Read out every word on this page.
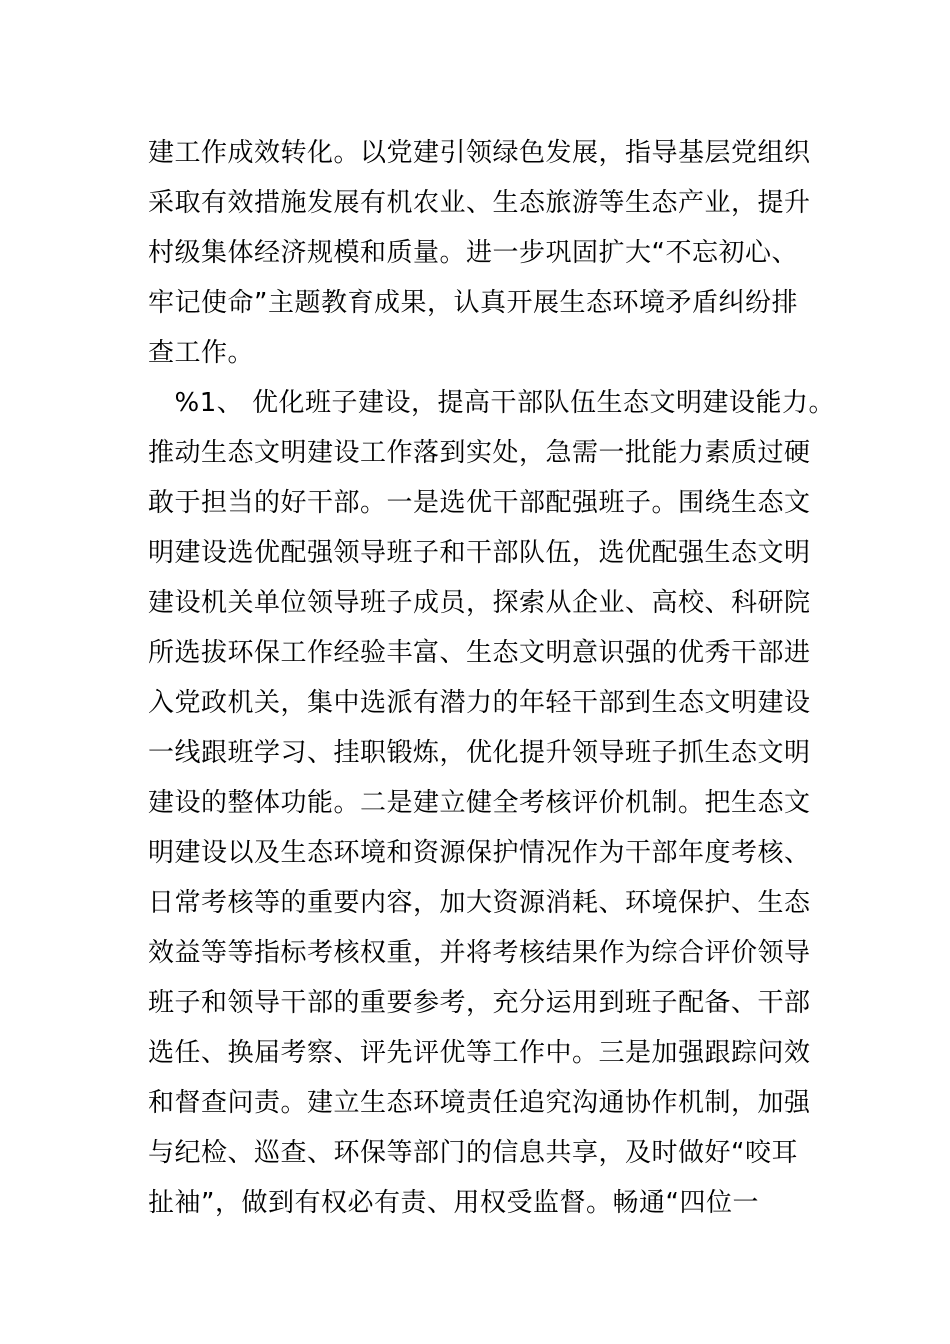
建工作成效转化。以党建引领绿色发展，指导基层党组织
采取有效措施发展有机农业、生态旅游等生态产业，提升
村级集体经济规模和质量。进一步巩固扩大“不忘初心、
牢记使命”主题教育成果，认真开展生态环境矛盾纠纷排
查工作。
　%1、 优化班子建设，提高干部队伍生态文明建设能力。
推动生态文明建设工作落到实处，急需一批能力素质过硬
敢于担当的好干部。一是选优干部配强班子。围绕生态文
明建设选优配强领导班子和干部队伍，选优配强生态文明
建设机关单位领导班子成员，探索从企业、高校、科研院
所选拔环保工作经验丰富、生态文明意识强的优秀干部进
入党政机关，集中选派有潜力的年轻干部到生态文明建设
一线跟班学习、挂职锻炼，优化提升领导班子抓生态文明
建设的整体功能。二是建立健全考核评价机制。把生态文
明建设以及生态环境和资源保护情况作为干部年度考核、
日常考核等的重要内容，加大资源消耗、环境保护、生态
效益等等指标考核权重，并将考核结果作为综合评价领导
班子和领导干部的重要参考，充分运用到班子配备、干部
选任、换届考察、评先评优等工作中。三是加强跟踪问效
和督查问责。建立生态环境责任追究沟通协作机制，加强
与纪检、巡查、环保等部门的信息共享，及时做好“咬耳
扯袖”，做到有权必有责、用权受监督。畅通“四位一
